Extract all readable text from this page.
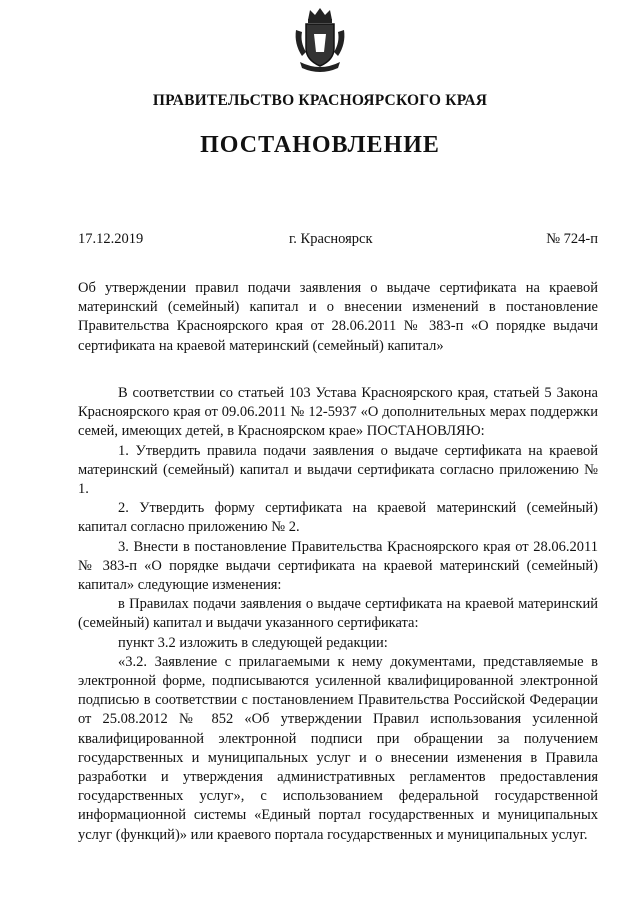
ПРАВИТЕЛЬСТВО КРАСНОЯРСКОГО КРАЯ
ПОСТАНОВЛЕНИЕ
17.12.2019	г. Красноярск	№ 724-п
Об утверждении правил подачи заявления о выдаче сертификата на краевой материнский (семейный) капитал и о внесении изменений в постановление Правительства Красноярского края от 28.06.2011 № 383-п «О порядке выдачи сертификата на краевой материнский (семейный) капитал»

В соответствии со статьей 103 Устава Красноярского края, статьей 5 Закона Красноярского края от 09.06.2011 № 12-5937 «О дополнительных мерах поддержки семей, имеющих детей, в Красноярском крае» ПОСТАНОВЛЯЮ:

1. Утвердить правила подачи заявления о выдаче сертификата на краевой материнский (семейный) капитал и выдачи сертификата согласно приложению № 1.

2. Утвердить форму сертификата на краевой материнский (семейный) капитал согласно приложению № 2.

3. Внести в постановление Правительства Красноярского края от 28.06.2011 № 383-п «О порядке выдачи сертификата на краевой материнский (семейный) капитал» следующие изменения:

в Правилах подачи заявления о выдаче сертификата на краевой материнский (семейный) капитал и выдачи указанного сертификата:

пункт 3.2 изложить в следующей редакции:

«3.2. Заявление с прилагаемыми к нему документами, представляемые в электронной форме, подписываются усиленной квалифицированной электронной подписью в соответствии с постановлением Правительства Российской Федерации от 25.08.2012 № 852 «Об утверждении Правил использования усиленной квалифицированной электронной подписи при обращении за получением государственных и муниципальных услуг и о внесении изменения в Правила разработки и утверждения административных регламентов предоставления государственных услуг», с использованием федеральной государственной информационной системы «Единый портал государственных и муниципальных услуг (функций)» или краевого портала государственных и муниципальных услуг.
